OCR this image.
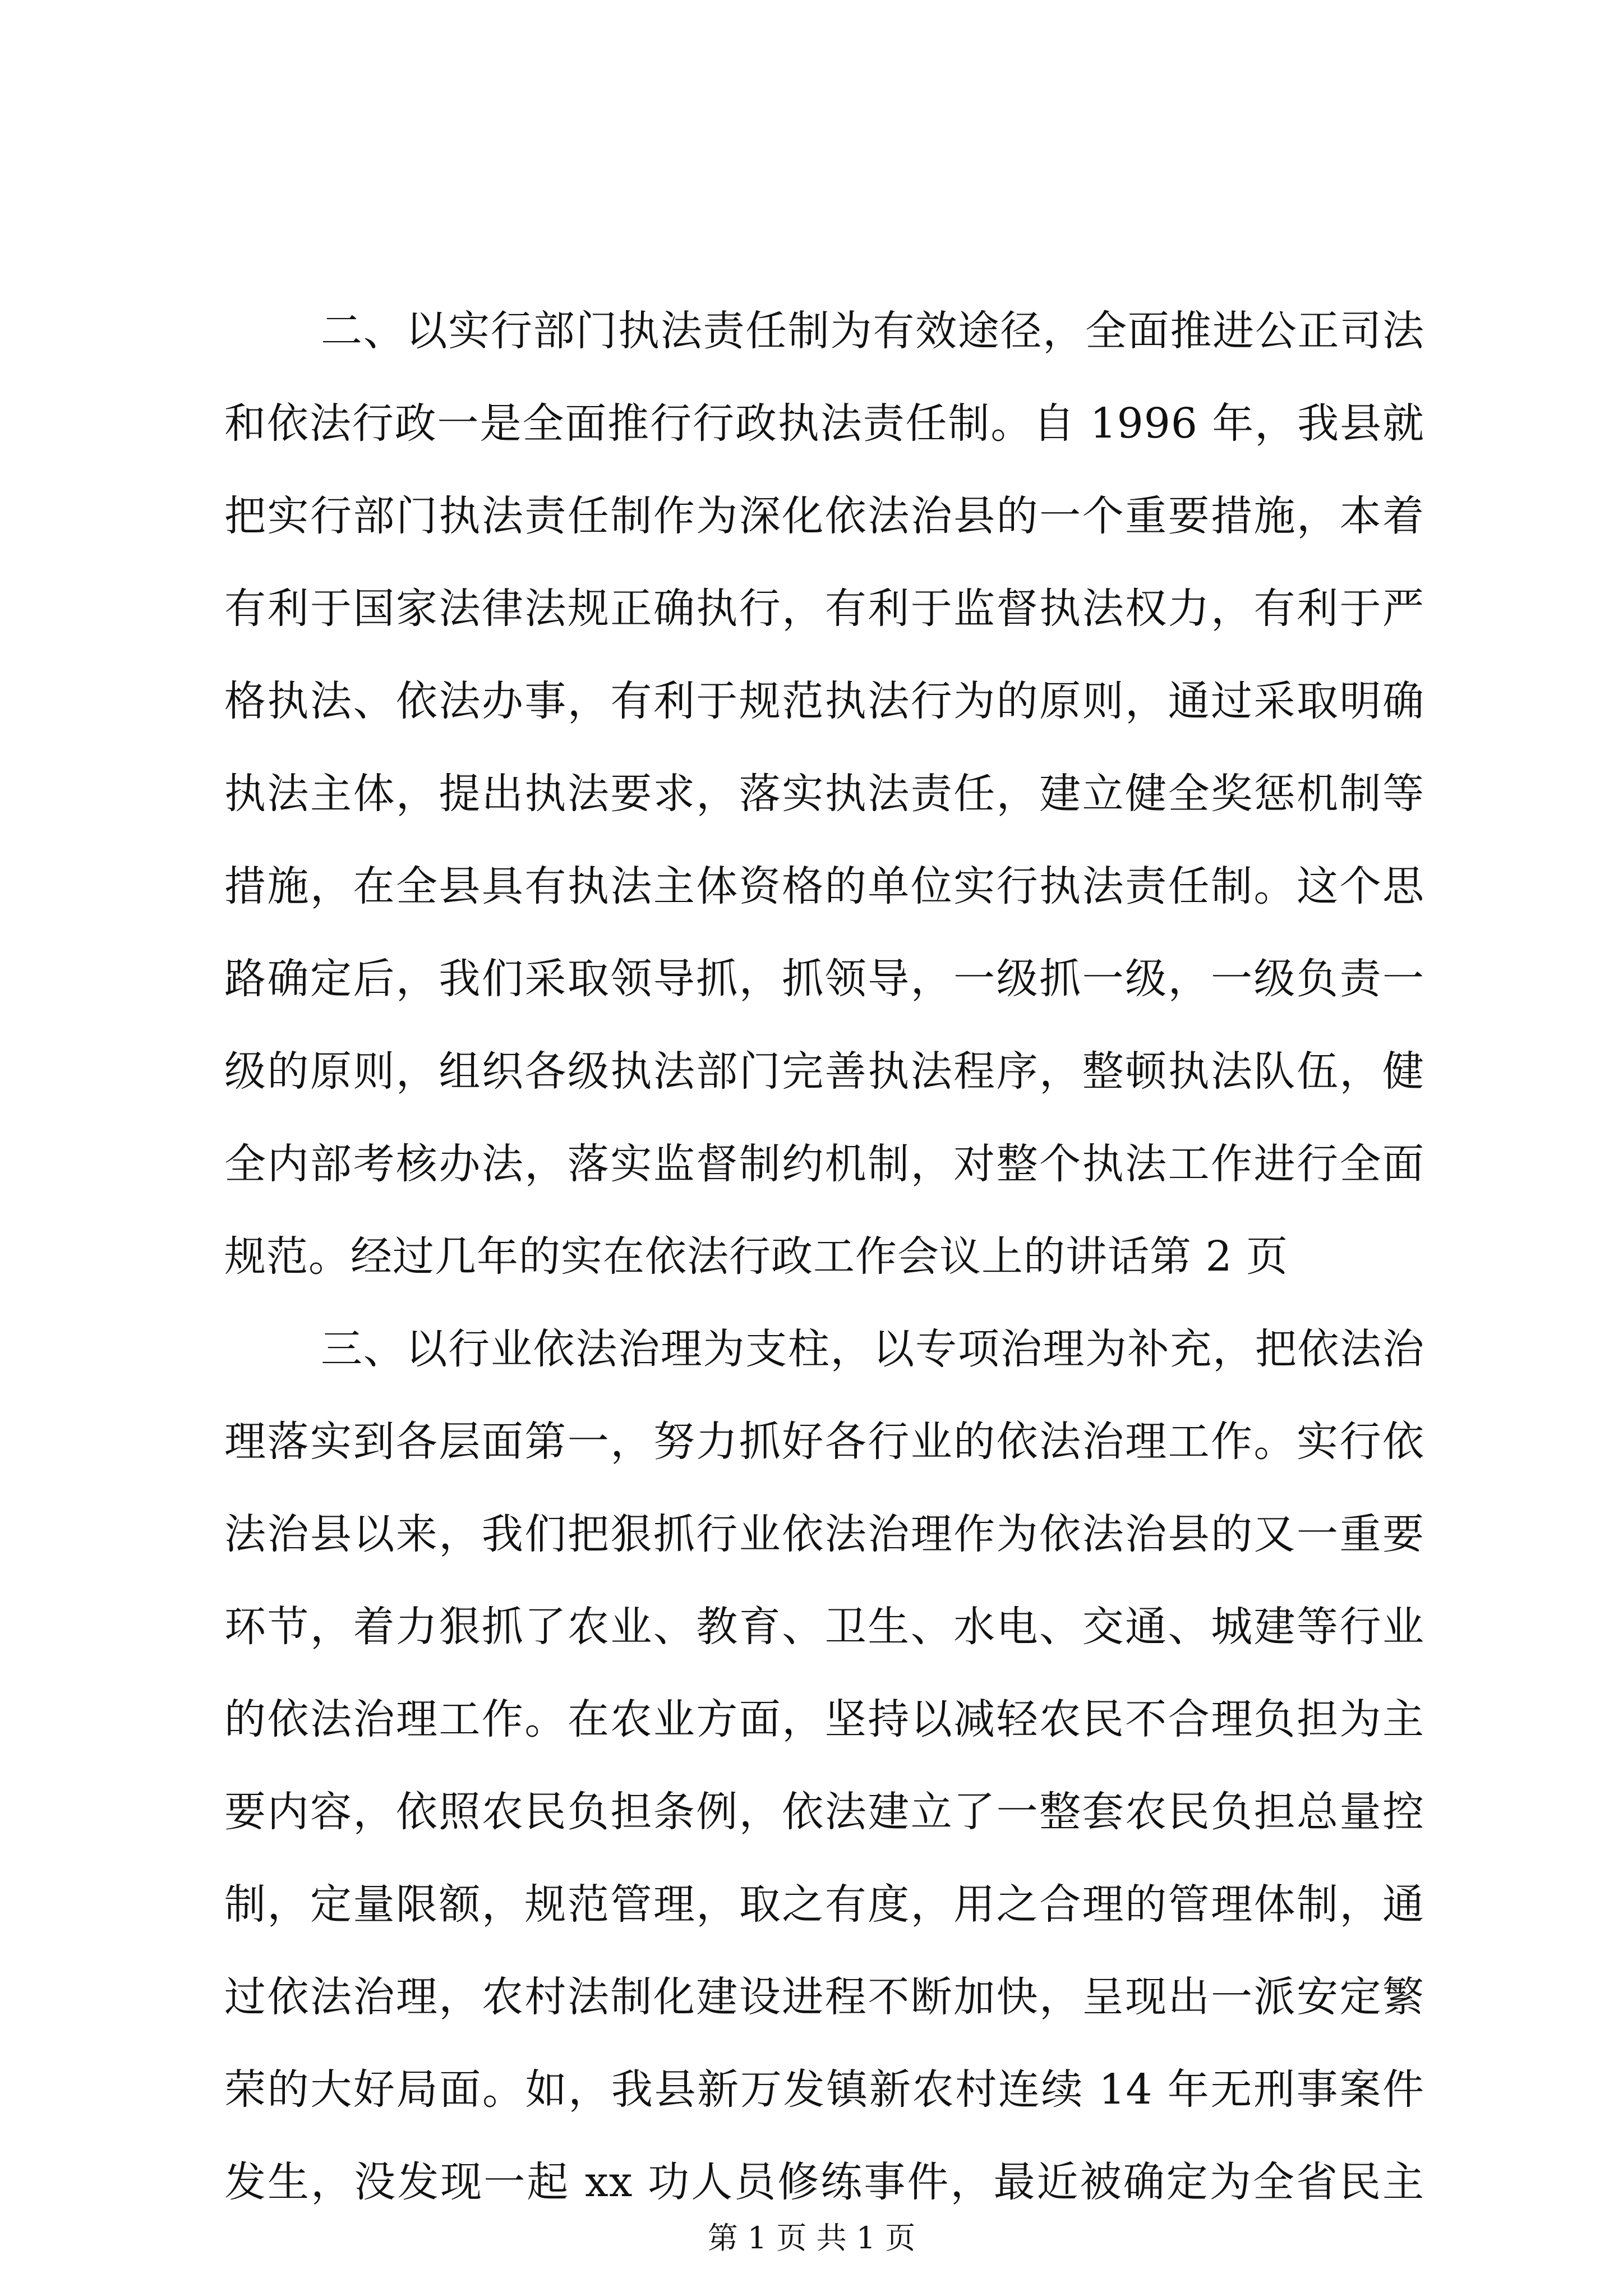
二、以实行部门执法责任制为有效途径，全面推进公正司法
和依法行政一是全面推行行政执法责任制。自 1996 年，我县就
把实行部门执法责任制作为深化依法治县的一个重要措施，本着
有利于国家法律法规正确执行，有利于监督执法权力，有利于严
格执法、依法办事，有利于规范执法行为的原则，通过采取明确
执法主体，提出执法要求，落实执法责任，建立健全奖惩机制等
措施，在全县具有执法主体资格的单位实行执法责任制。这个思
路确定后，我们采取领导抓，抓领导，一级抓一级，一级负责一
级的原则，组织各级执法部门完善执法程序，整顿执法队伍，健
全内部考核办法，落实监督制约机制，对整个执法工作进行全面
规范。经过几年的实在依法行政工作会议上的讲话第 2 页
三、以行业依法治理为支柱，以专项治理为补充，把依法治
理落实到各层面第一，努力抓好各行业的依法治理工作。实行依
法治县以来，我们把狠抓行业依法治理作为依法治县的又一重要
环节，着力狠抓了农业、教育、卫生、水电、交通、城建等行业
的依法治理工作。在农业方面，坚持以减轻农民不合理负担为主
要内容，依照农民负担条例，依法建立了一整套农民负担总量控
制，定量限额，规范管理，取之有度，用之合理的管理体制，通
过依法治理，农村法制化建设进程不断加快，呈现出一派安定繁
荣的大好局面。如，我县新万发镇新农村连续 14 年无刑事案件
发生，没发现一起 xx 功人员修练事件，最近被确定为全省民主
第 1 页 共 1 页
